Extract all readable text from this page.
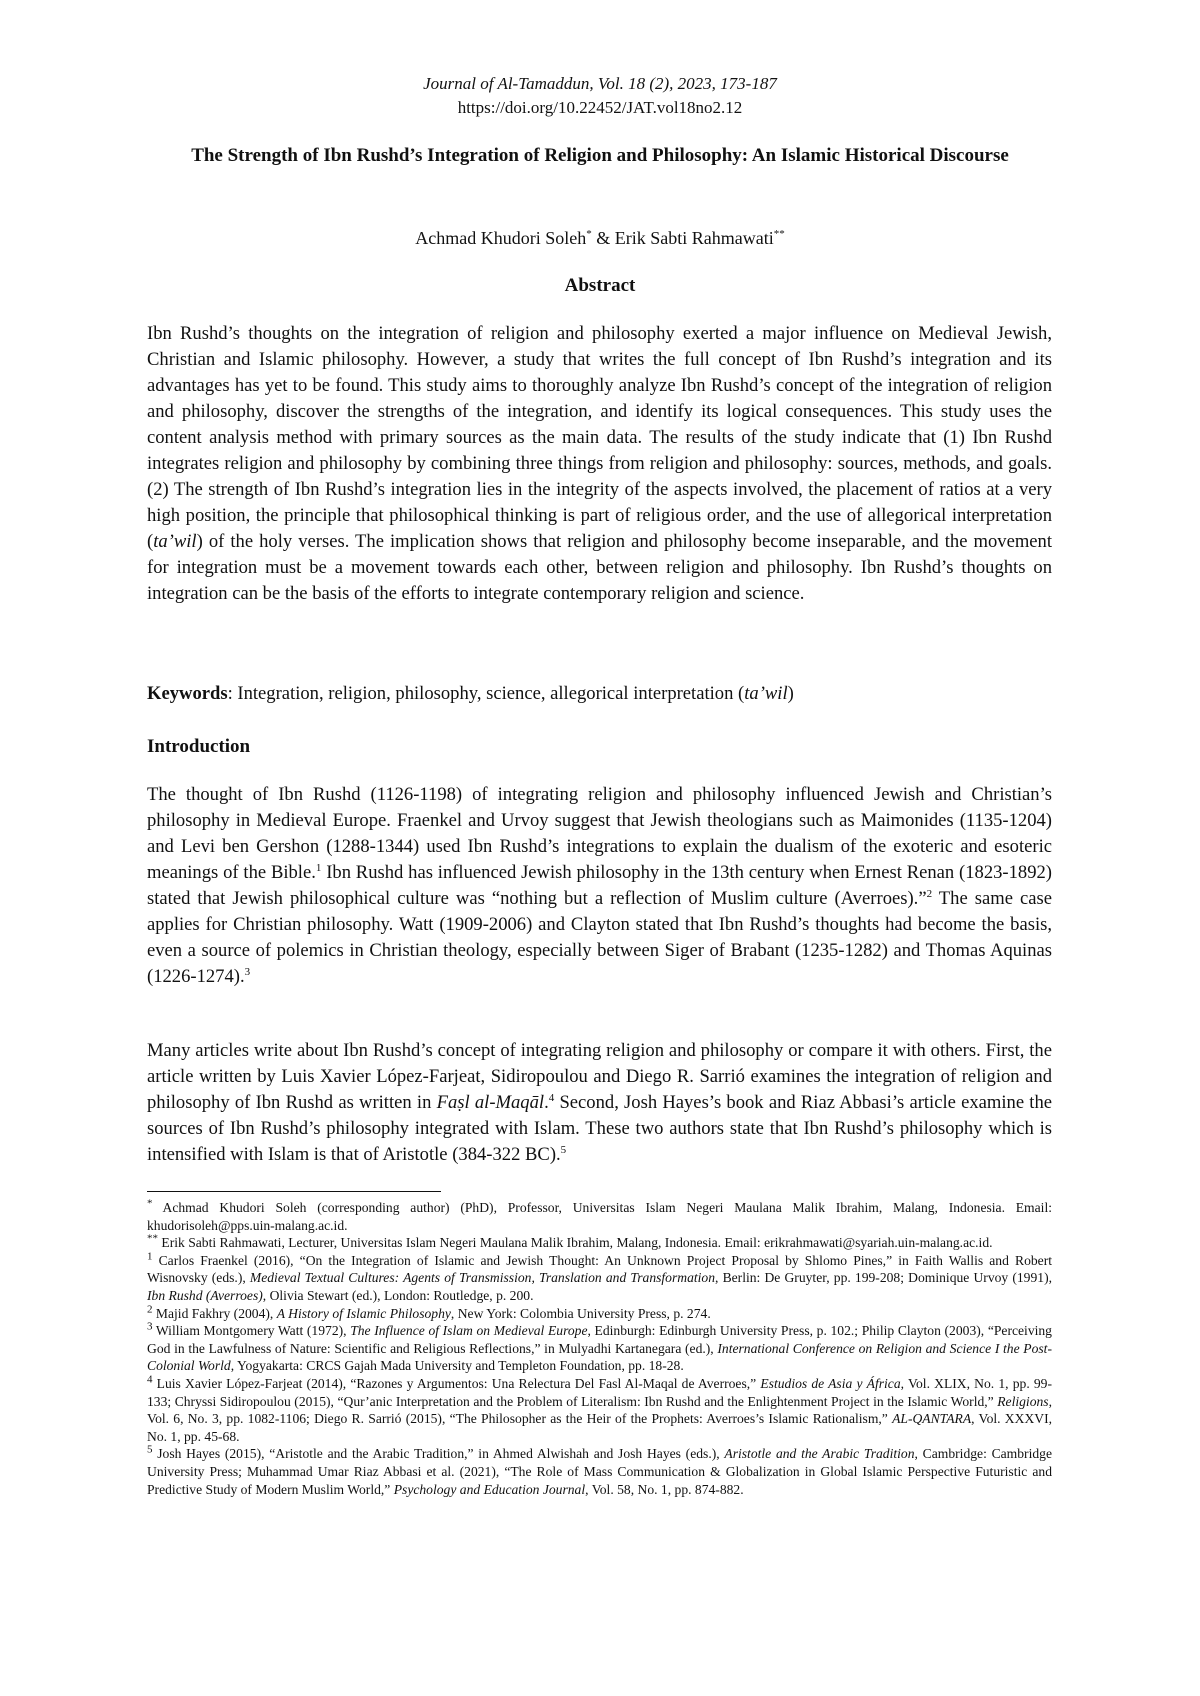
Journal of Al-Tamaddun, Vol. 18 (2), 2023, 173-187
https://doi.org/10.22452/JAT.vol18no2.12
The Strength of Ibn Rushd’s Integration of Religion and Philosophy: An Islamic Historical Discourse
Achmad Khudori Soleh* & Erik Sabti Rahmawati**
Abstract

Ibn Rushd’s thoughts on the integration of religion and philosophy exerted a major influence on Medieval Jewish, Christian and Islamic philosophy. However, a study that writes the full concept of Ibn Rushd’s integration and its advantages has yet to be found. This study aims to thoroughly analyze Ibn Rushd’s concept of the integration of religion and philosophy, discover the strengths of the integration, and identify its logical consequences. This study uses the content analysis method with primary sources as the main data. The results of the study indicate that (1) Ibn Rushd integrates religion and philosophy by combining three things from religion and philosophy: sources, methods, and goals. (2) The strength of Ibn Rushd’s integration lies in the integrity of the aspects involved, the placement of ratios at a very high position, the principle that philosophical thinking is part of religious order, and the use of allegorical interpretation (ta’wil) of the holy verses. The implication shows that religion and philosophy become inseparable, and the movement for integration must be a movement towards each other, between religion and philosophy. Ibn Rushd’s thoughts on integration can be the basis of the efforts to integrate contemporary religion and science.

Keywords: Integration, religion, philosophy, science, allegorical interpretation (ta’wil)

Introduction

The thought of Ibn Rushd (1126-1198) of integrating religion and philosophy influenced Jewish and Christian’s philosophy in Medieval Europe. Fraenkel and Urvoy suggest that Jewish theologians such as Maimonides (1135-1204) and Levi ben Gershon (1288-1344) used Ibn Rushd’s integrations to explain the dualism of the exoteric and esoteric meanings of the Bible.$^1$ Ibn Rushd has influenced Jewish philosophy in the 13th century when Ernest Renan (1823-1892) stated that Jewish philosophical culture was “nothing but a reflection of Muslim culture (Averroes).”$^2$ The same case applies for Christian philosophy. Watt (1909-2006) and Clayton stated that Ibn Rushd’s thoughts had become the basis, even a source of polemics in Christian theology, especially between Siger of Brabant (1235-1282) and Thomas Aquinas (1226-1274).$^3$

Many articles write about Ibn Rushd’s concept of integrating religion and philosophy or compare it with others. First, the article written by Luis Xavier López-Farjeat, Sidiropoulou and Diego R. Sarrió examines the integration of religion and philosophy of Ibn Rushd as written in Faṣl al-Maqāl.$^4$ Second, Josh Hayes’s book and Riaz Abbasi’s article examine the sources of Ibn Rushd’s philosophy integrated with Islam. These two authors state that Ibn Rushd’s philosophy which is intensified with Islam is that of Aristotle (384-322 BC).$^5$

* Achmad Khudori Soleh (corresponding author) (PhD), Professor, Universitas Islam Negeri Maulana Malik Ibrahim, Malang, Indonesia. Email: khudorisoleh@pps.uin-malang.ac.id.

** Erik Sabti Rahmawati, Lecturer, Universitas Islam Negeri Maulana Malik Ibrahim, Malang, Indonesia. Email: erikrahmawati@syariah.uin-malang.ac.id.

$^1$ Carlos Fraenkel (2016), “On the Integration of Islamic and Jewish Thought: An Unknown Project Proposal by Shlomo Pines,” in Faith Wallis and Robert Wisnovsky (eds.), Medieval Textual Cultures: Agents of Transmission, Translation and Transformation, Berlin: De Gruyter, pp. 199-208; Dominique Urvoy (1991), Ibn Rushd (Averroes), Olivia Stewart (ed.), London: Routledge, p. 200.

$^2$ Majid Fakhry (2004), A History of Islamic Philosophy, New York: Colombia University Press, p. 274.

$^3$ William Montgomery Watt (1972), The Influence of Islam on Medieval Europe, Edinburgh: Edinburgh University Press, p. 102.; Philip Clayton (2003), “Perceiving God in the Lawfulness of Nature: Scientific and Religious Reflections,” in Mulyadhi Kartanegara (ed.), International Conference on Religion and Science I the Post-Colonial World, Yogyakarta: CRCS Gajah Mada University and Templeton Foundation, pp. 18-28.

$^4$ Luis Xavier López-Farjeat (2014), “Razones y Argumentos: Una Relectura Del Fasl Al-Maqal de Averroes,” Estudios de Asia y África, Vol. XLIX, No. 1, pp. 99-133; Chryssi Sidiropoulou (2015), “Qur’anic Interpretation and the Problem of Literalism: Ibn Rushd and the Enlightenment Project in the Islamic World,” Religions, Vol. 6, No. 3, pp. 1082-1106; Diego R. Sarrió (2015), “The Philosopher as the Heir of the Prophets: Averroes’s Islamic Rationalism,” AL-QANTARA, Vol. XXXVI, No. 1, pp. 45-68.

$^5$ Josh Hayes (2015), “Aristotle and the Arabic Tradition,” in Ahmed Alwishah and Josh Hayes (eds.), Aristotle and the Arabic Tradition, Cambridge: Cambridge University Press; Muhammad Umar Riaz Abbasi et al. (2021), “The Role of Mass Communication & Globalization in Global Islamic Perspective Futuristic and Predictive Study of Modern Muslim World,” Psychology and Education Journal, Vol. 58, No. 1, pp. 874-882.
